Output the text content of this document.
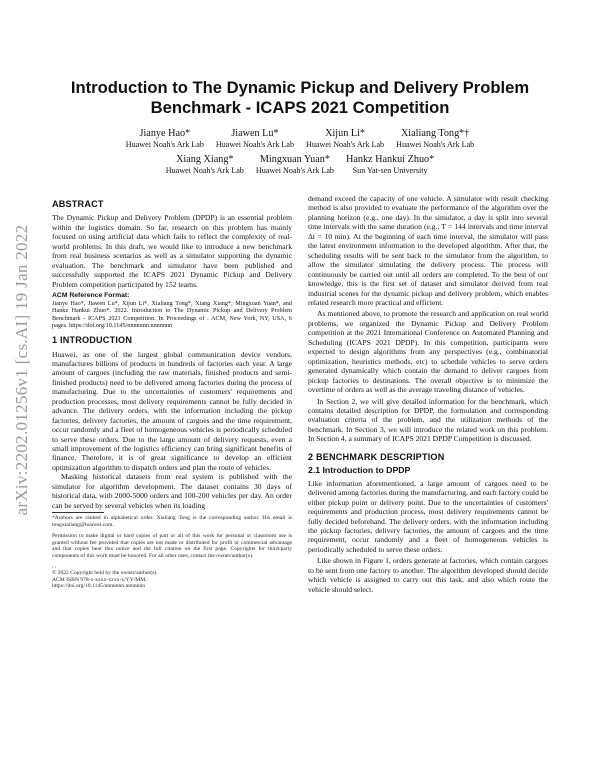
arXiv:2202.01256v1 [cs.AI] 19 Jan 2022
Introduction to The Dynamic Pickup and Delivery Problem Benchmark - ICAPS 2021 Competition
Jianye Hao*
Huawei Noah's Ark Lab
Jiawen Lu*
Huawei Noah's Ark Lab
Xijun Li*
Huawei Noah's Ark Lab
Xialiang Tong*†
Huawei Noah's Ark Lab
Xiang Xiang*
Huawei Noah's Ark Lab
Mingxuan Yuan*
Huawei Noah's Ark Lab
Hankz Hankui Zhuo*
Sun Yat-sen University
ABSTRACT

The Dynamic Pickup and Delivery Problem (DPDP) is an essential problem within the logistics domain. So far, research on this problem has mainly focused on using artificial data which fails to reflect the complexity of real-world problems. In this draft, we would like to introduce a new benchmark from real business scenarios as well as a simulator supporting the dynamic evaluation. The benchmark and simulator have been published and successfully supported the ICAPS 2021 Dynamic Pickup and Delivery Problem competition participated by 152 teams.

ACM Reference Format:
Jianye Hao*, Jiawen Lu*, Xijun Li*, Xialiang Tong*, Xiang Xiang*, Mingxuan Yuan*, and Hankz Hankui Zhuo*. 2022. Introduction to The Dynamic Pickup and Delivery Problem Benchmark - ICAPS 2021 Competition. In Proceedings of . ACM, New York, NY, USA, 6 pages. https://doi.org/10.1145/nnnnnnn.nnnnnnn
1 INTRODUCTION

Huawei, as one of the largest global communication device vendors, manufactures billions of products in hundreds of factories each year. A large amount of cargoes (including the raw materials, finished products and semi-finished products) need to be delivered among factories during the process of manufacturing. Due to the uncertainties of customers' requirements and production processes, most delivery requirements cannot be fully decided in advance. The delivery orders, with the information including the pickup factories, delivery factories, the amount of cargoes and the time requirement, occur randomly and a fleet of homogeneous vehicles is periodically scheduled to serve these orders. Due to the large amount of delivery requests, even a small improvement of the logistics efficiency can bring significant benefits of finance. Therefore, it is of great significance to develop an efficient optimization algorithm to dispatch orders and plan the route of vehicles.

Masking historical datasets from real system is published with the simulator for algorithm development. The dataset contains 30 days of historical data, with 2000-5000 orders and 100-200 vehicles per day. An order can be served by several vehicles when its loading

*Authors are ranked in alphabetical order. Xialiang Tong is the corresponding author. His email is tongxialiang@huawei.com.

Permission to make digital or hard copies of part or all of this work for personal or classroom use is granted without fee provided that copies are not made or distributed for profit or commercial advantage and that copies bear this notice and the full citation on the first page. Copyrights for third-party components of this work must be honored. For all other uses, contact the owner/author(s).

, ,

© 2022 Copyright held by the owner/author(s).

ACM ISBN 978-x-xxxx-xxxx-x/YY/MM.

https://doi.org/10.1145/nnnnnnn.nnnnnnn

demand exceed the capacity of one vehicle. A simulator with result checking method is also provided to evaluate the performance of the algorithm over the planning horizon (e.g., one day). In the simulator, a day is split into several time intervals with the same duration (e.g., T = 144 intervals and time interval Δt = 10 min). At the beginning of each time interval, the simulator will pass the latest environment information to the developed algorithm. After that, the scheduling results will be sent back to the simulator from the algorithm, to allow the simulator simulating the delivery process. The process will continuously be carried out until all orders are completed. To the best of our knowledge, this is the first set of dataset and simulator derived from real industrial scenes for the dynamic pickup and delivery problem, which enables related research more practical and efficient.

As mentioned above, to promote the research and application on real world problems, we organized the Dynamic Pickup and Delivery Problem competition at the 2021 International Conference on Automated Planning and Scheduling (ICAPS 2021 DPDP). In this competition, participants were expected to design algorithms from any perspectives (e.g., combinatorial optimization, heuristics methods, etc) to schedule vehicles to serve orders generated dynamically which contain the demand to deliver cargoes from pickup factories to destinations. The overall objective is to minimize the overtime of orders as well as the average traveling distance of vehicles.

In Section 2, we will give detailed information for the benchmark, which contains detailed description for DPDP, the formulation and corresponding evaluation criteria of the problem, and the utilization methods of the benchmark. In Section 3, we will introduce the related work on this problem. In Section 4, a summary of ICAPS 2021 DPDP Competition is discussed.

2 BENCHMARK DESCRIPTION
2.1 Introduction to DPDP

Like information aforementioned, a large amount of cargoes need to be delivered among factories during the manufacturing, and each factory could be either pickup point or delivery point. Due to the uncertainties of customers' requirements and production process, most delivery requirements cannot be fully decided beforehand. The delivery orders, with the information including the pickup factories, delivery factories, the amount of cargoes and the time requirement, occur randomly and a fleet of homogeneous vehicles is periodically scheduled to serve these orders.

Like shown in Figure 1, orders generate at factories, which contain cargoes to be sent from one factory to another. The algorithm developed should decide which vehicle is assigned to carry out this task, and also which route the vehicle should select.
